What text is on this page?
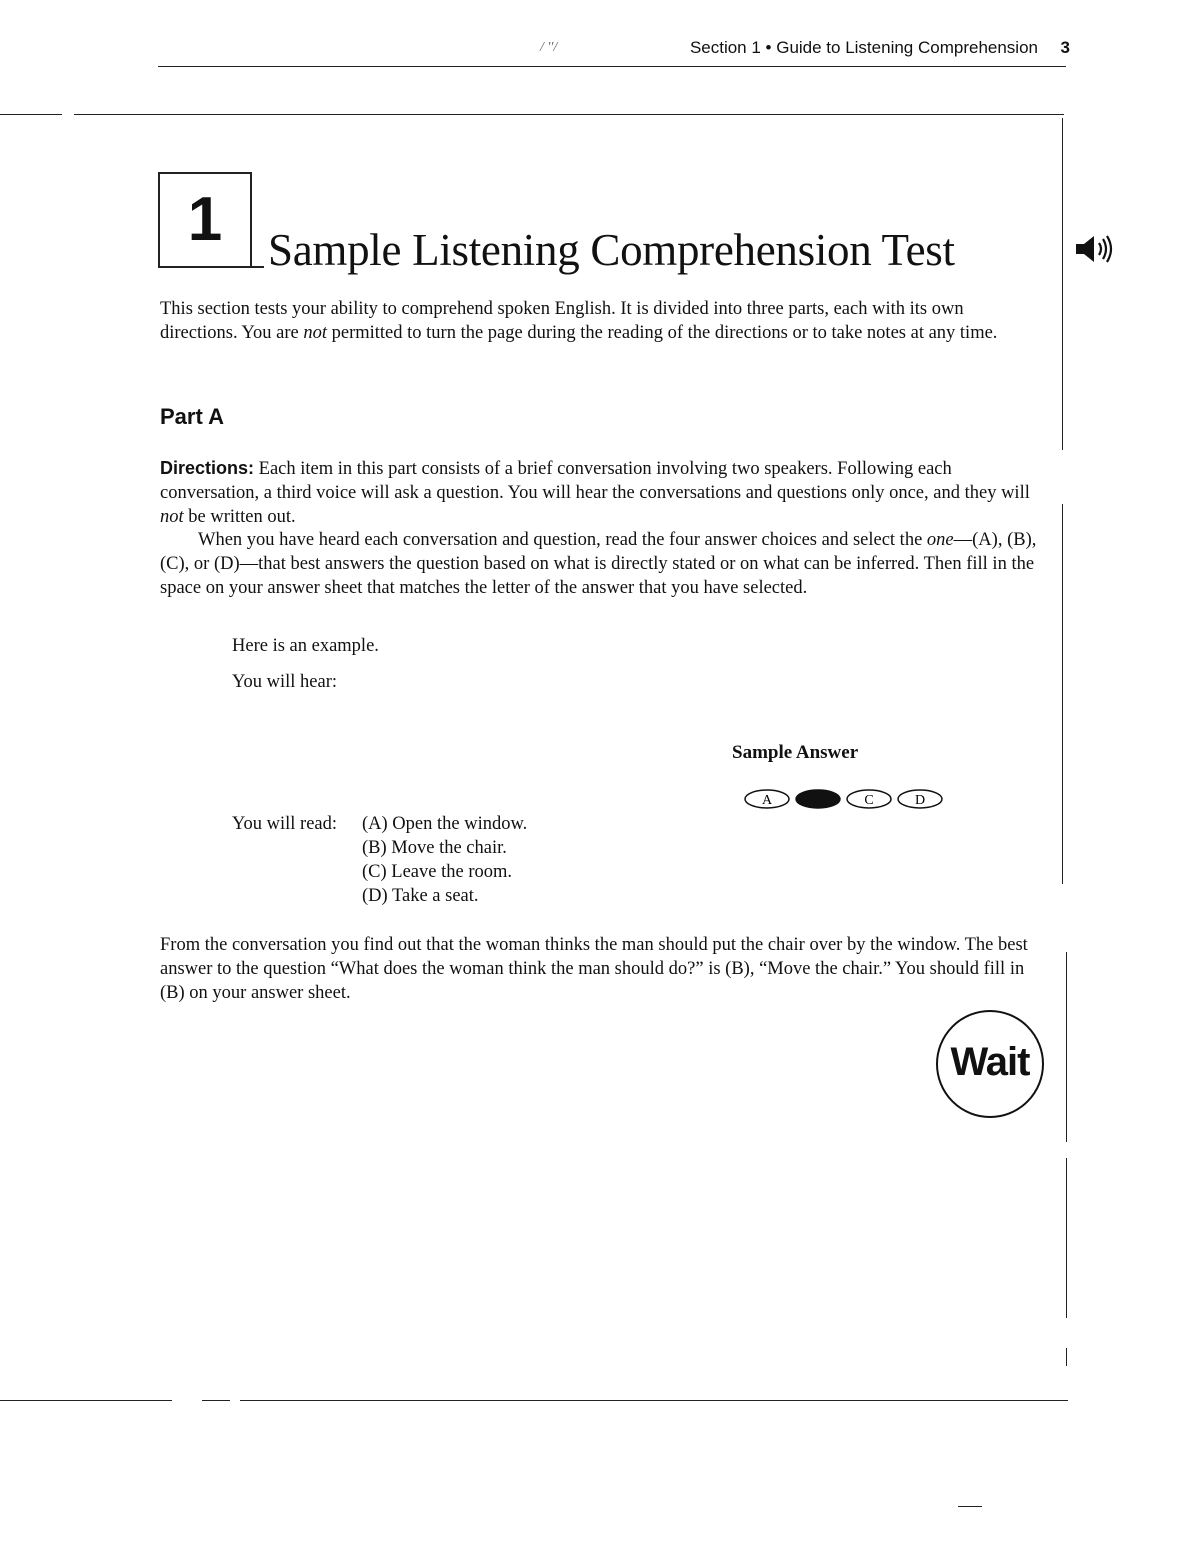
/ ''/	Section 1 • Guide to Listening Comprehension 3
1	Sample Listening Comprehension Test
This section tests your ability to comprehend spoken English. It is divided into three parts, each with its own directions. You are not permitted to turn the page during the reading of the directions or to take notes at any time.
Part A
Directions: Each item in this part consists of a brief conversation involving two speakers. Following each conversation, a third voice will ask a question. You will hear the conversations and questions only once, and they will not be written out.
When you have heard each conversation and question, read the four answer choices and select the one—(A), (B), (C), or (D)—that best answers the question based on what is directly stated or on what can be inferred. Then fill in the space on your answer sheet that matches the letter of the answer that you have selected.
Here is an example.
You will hear:
Sample Answer
A	C	D
You will read: (A) Open the window.
(B) Move the chair.
(C) Leave the room.
(D) Take a seat.
From the conversation you find out that the woman thinks the man should put the chair over by the window. The best answer to the question “What does the woman think the man should do?” is (B), “Move the chair.” You should fill in (B) on your answer sheet.
Wait
